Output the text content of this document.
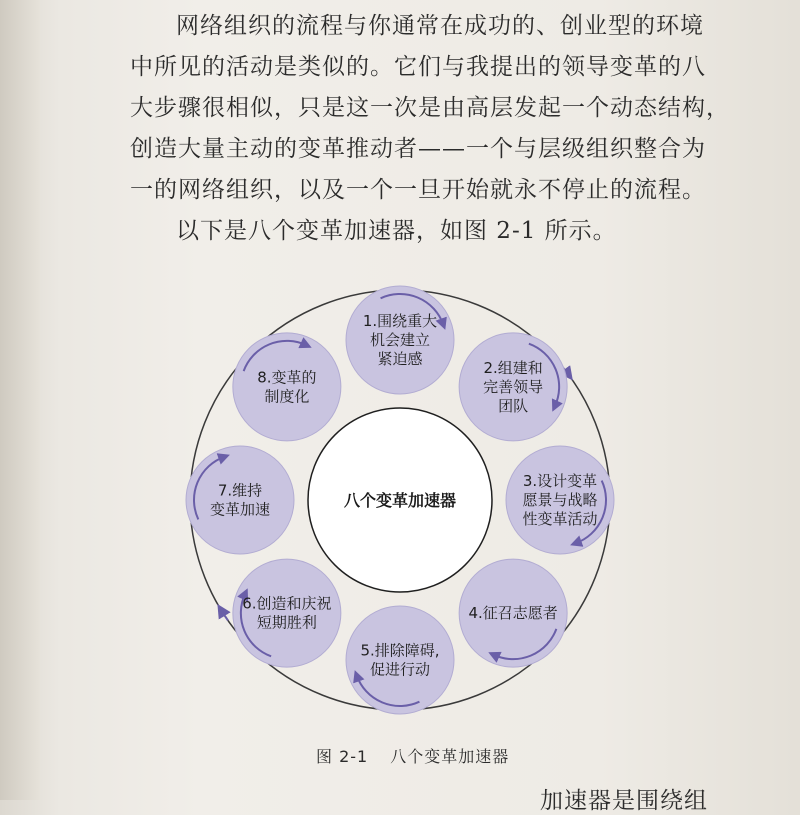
网络组织的流程与你通常在成功的、创业型的环境

中所见的活动是类似的。它们与我提出的领导变革的八

大步骤很相似，只是这一次是由高层发起一个动态结构，

创造大量主动的变革推动者——一个与层级组织整合为

一的网络组织，以及一个一旦开始就永不停止的流程。

以下是八个变革加速器，如图 2-1 所示。

1.围绕重大
机会建立
紧迫感	2.组建和
完善领导
团队
3.设计变革
愿景与战略
性变革活动
4.征召志愿者
5.排除障碍,
促进行动
6.创造和庆祝
短期胜利
7.维持
变革加速
8.变革的
制度化
八个变革加速器
图 2-1 八个变革加速器
加速器是围绕组
